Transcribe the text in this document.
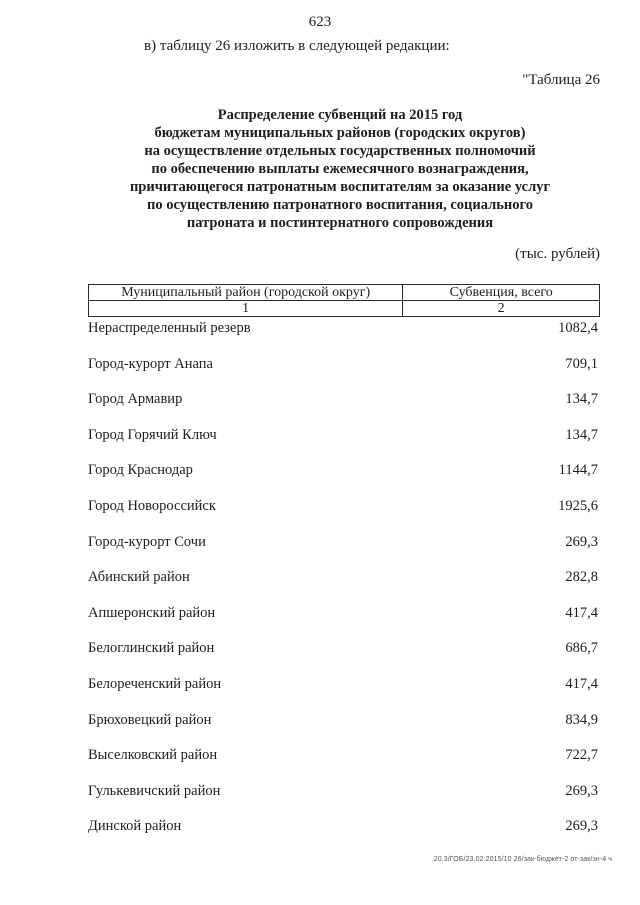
623
в) таблицу 26 изложить в следующей редакции:
"Таблица 26
Распределение субвенций на 2015 год
бюджетам муниципальных районов (городских округов)
на осуществление отдельных государственных полномочий
по обеспечению выплаты ежемесячного вознаграждения,
причитающегося патронатным воспитателям за оказание услуг
по осуществлению патронатного воспитания, социального
патроната и постинтернатного сопровождения
(тыс. рублей)
Муниципальный район (городской округ)	Субвенция, всего
1	2
Нераспределенный резерв	1082,4
Город-курорт Анапа	709,1
Город Армавир	134,7
Город Горячий Ключ	134,7
Город Краснодар	1144,7
Город Новороссийск	1925,6
Город-курорт Сочи	269,3
Абинский район	282,8
Апшеронский район	417,4
Белоглинский район	686,7
Белореченский район	417,4
Брюховецкий район	834,9
Выселковский район	722,7
Гулькевичский район	269,3
Динской район	269,3
20.3/ГОБ/23.02.2015/10 26/зак-бюджет-2 от-зак/зн-4 ч
